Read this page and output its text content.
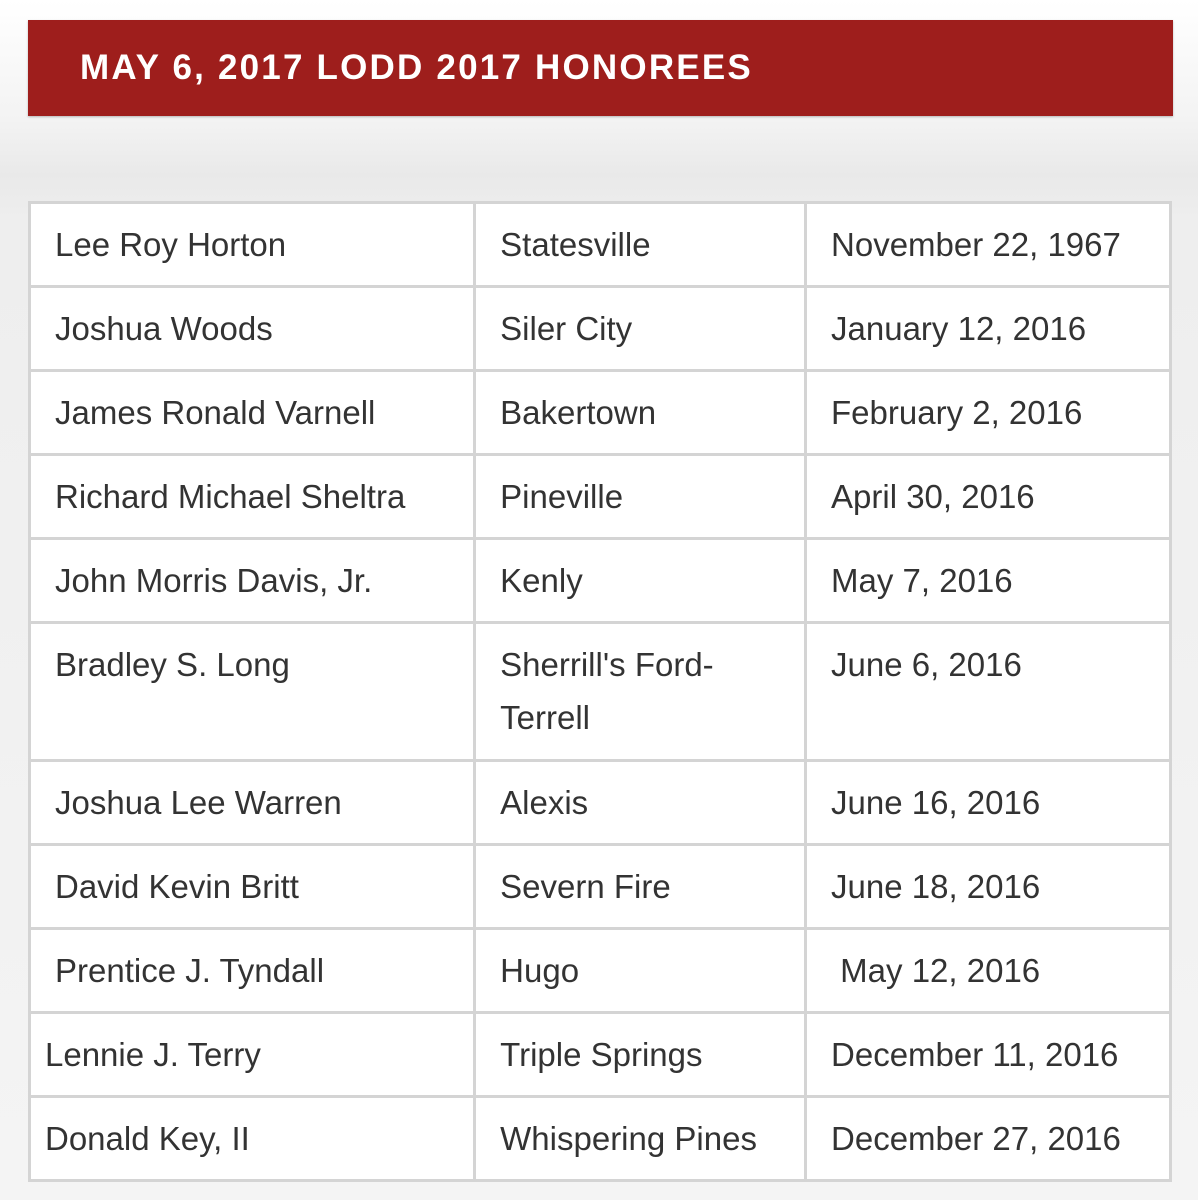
MAY 6, 2017 LODD 2017 HONOREES
Lee Roy Horton	Statesville	November 22, 1967
Joshua Woods	Siler City	January 12, 2016
James Ronald Varnell	Bakertown	February 2, 2016
Richard Michael Sheltra	Pineville	April 30, 2016
John Morris Davis, Jr.	Kenly	May 7, 2016
Bradley S. Long	Sherrill's Ford-Terrell	June 6, 2016
Joshua Lee Warren	Alexis	June 16, 2016
David Kevin Britt	Severn Fire	June 18, 2016
Prentice J. Tyndall	Hugo	May 12, 2016
Lennie J. Terry	Triple Springs	December 11, 2016
Donald Key, II	Whispering Pines	December 27, 2016
